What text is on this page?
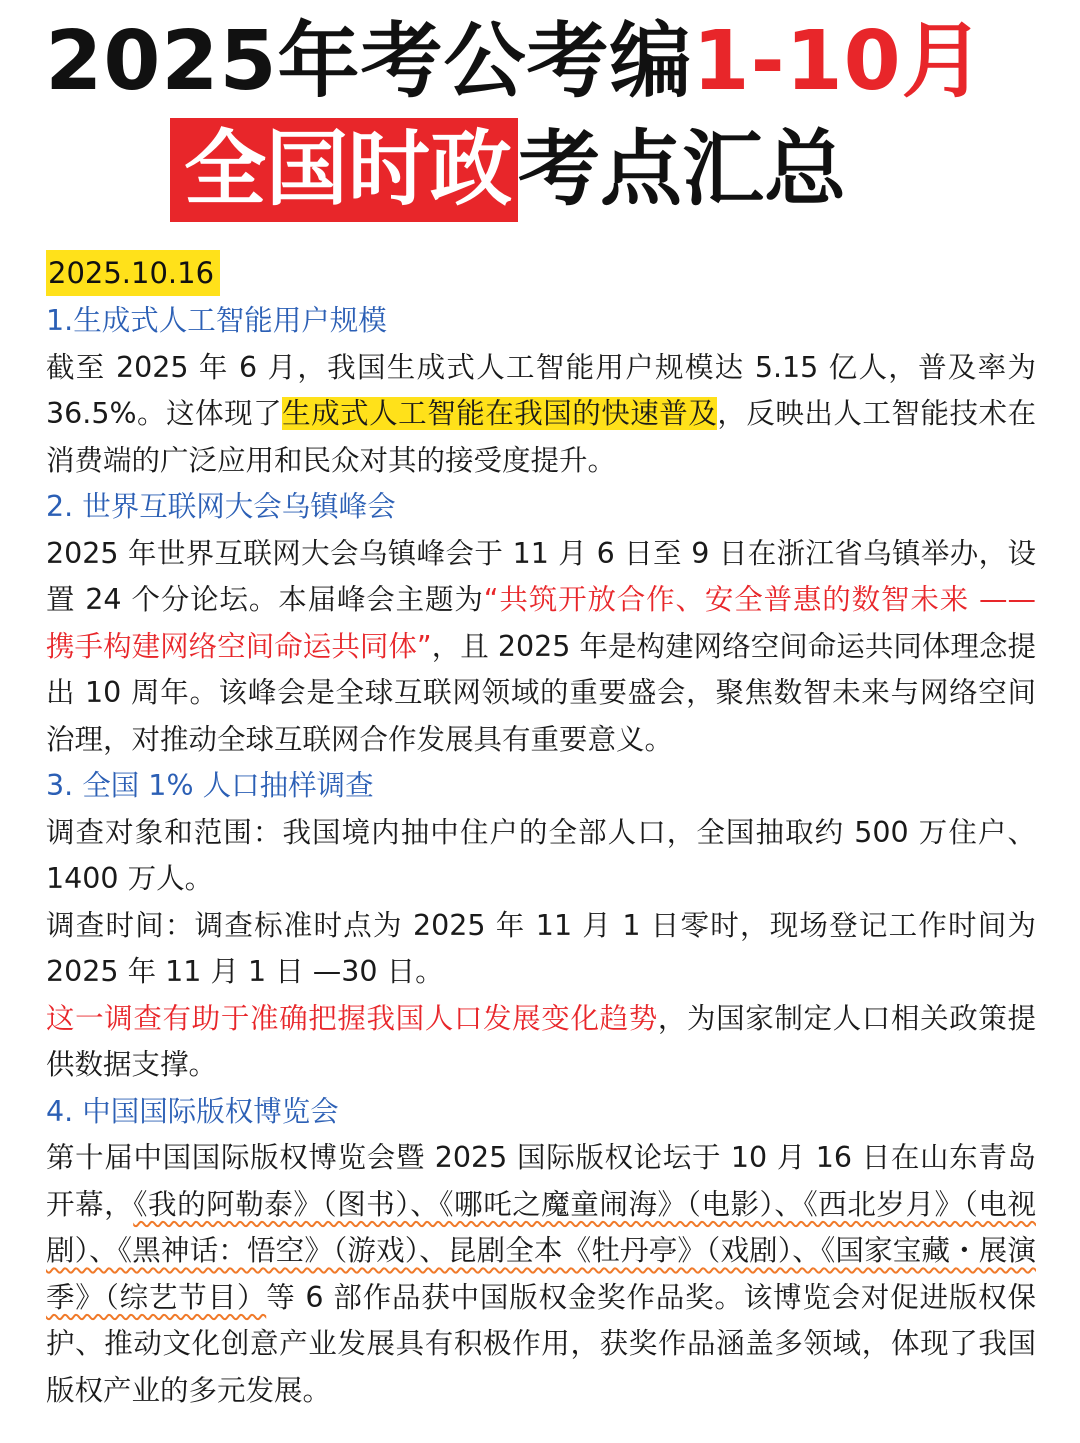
2025年考公考编1-10月
全国时政考点汇总
2025.10.16

1.生成式人工智能用户规模

截至 2025 年 6 月，我国生成式人工智能用户规模达 5.15 亿人，普及率为 36.5%。这体现了生成式人工智能在我国的快速普及，反映出人工智能技术在消费端的广泛应用和民众对其的接受度提升。

2. 世界互联网大会乌镇峰会

2025 年世界互联网大会乌镇峰会于 11 月 6 日至 9 日在浙江省乌镇举办，设置 24 个分论坛。本届峰会主题为“共筑开放合作、安全普惠的数智未来 —— 携手构建网络空间命运共同体”，且 2025 年是构建网络空间命运共同体理念提出 10 周年。该峰会是全球互联网领域的重要盛会，聚焦数智未来与网络空间治理，对推动全球互联网合作发展具有重要意义。

3. 全国 1% 人口抽样调查

调查对象和范围：我国境内抽中住户的全部人口，全国抽取约 500 万住户、1400 万人。

调查时间：调查标准时点为 2025 年 11 月 1 日零时，现场登记工作时间为 2025 年 11 月 1 日 —30 日。

这一调查有助于准确把握我国人口发展变化趋势，为国家制定人口相关政策提供数据支撑。

4. 中国国际版权博览会

第十届中国国际版权博览会暨 2025 国际版权论坛于 10 月 16 日在山东青岛开幕，《我的阿勒泰》（图书）、《哪吒之魔童闹海》（电影）、《西北岁月》（电视剧）、《黑神话：悟空》（游戏）、昆剧全本《牡丹亭》（戏剧）、《国家宝藏・展演季》（综艺节目）等 6 部作品获中国版权金奖作品奖。该博览会对促进版权保护、推动文化创意产业发展具有积极作用，获奖作品涵盖多领域，体现了我国版权产业的多元发展。
